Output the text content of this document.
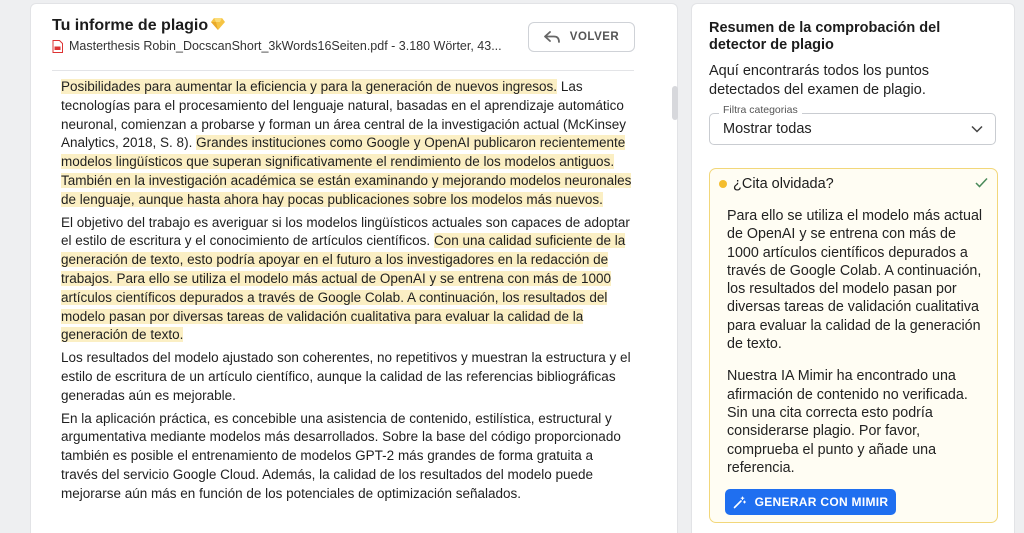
Tu informe de plagio
Masterthesis Robin_DocscanShort_3kWords16Seiten.pdf - 3.180 Wörter, 43...
VOLVER

Posibilidades para aumentar la eficiencia y para la generación de nuevos ingresos. Las tecnologías para el procesamiento del lenguaje natural, basadas en el aprendizaje automático neuronal, comienzan a probarse y forman un área central de la investigación actual (McKinsey Analytics, 2018, S. 8). Grandes instituciones como Google y OpenAI publicaron recientemente modelos lingüísticos que superan significativamente el rendimiento de los modelos antiguos. También en la investigación académica se están examinando y mejorando modelos neuronales de lenguaje, aunque hasta ahora hay pocas publicaciones sobre los modelos más nuevos.

El objetivo del trabajo es averiguar si los modelos lingüísticos actuales son capaces de adoptar el estilo de escritura y el conocimiento de artículos científicos. Con una calidad suficiente de la generación de texto, esto podría apoyar en el futuro a los investigadores en la redacción de trabajos. Para ello se utiliza el modelo más actual de OpenAI y se entrena con más de 1000 artículos científicos depurados a través de Google Colab. A continuación, los resultados del modelo pasan por diversas tareas de validación cualitativa para evaluar la calidad de la generación de texto.

Los resultados del modelo ajustado son coherentes, no repetitivos y muestran la estructura y el estilo de escritura de un artículo científico, aunque la calidad de las referencias bibliográficas generadas aún es mejorable.

En la aplicación práctica, es concebible una asistencia de contenido, estilística, estructural y argumentativa mediante modelos más desarrollados. Sobre la base del código proporcionado también es posible el entrenamiento de modelos GPT-2 más grandes de forma gratuita a través del servicio Google Cloud. Además, la calidad de los resultados del modelo puede mejorarse aún más en función de los potenciales de optimización señalados.

Resumen de la comprobación del detector de plagio
Aquí encontrarás todos los puntos detectados del examen de plagio.
Mostrar todas
Filtra categorias
¿Cita olvidada?

Para ello se utiliza el modelo más actual de OpenAI y se entrena con más de 1000 artículos científicos depurados a través de Google Colab. A continuación, los resultados del modelo pasan por diversas tareas de validación cualitativa para evaluar la calidad de la generación de texto.

Nuestra IA Mimir ha encontrado una afirmación de contenido no verificada. Sin una cita correcta esto podría considerarse plagio. Por favor, comprueba el punto y añade una referencia.

GENERAR CON MIMIR
